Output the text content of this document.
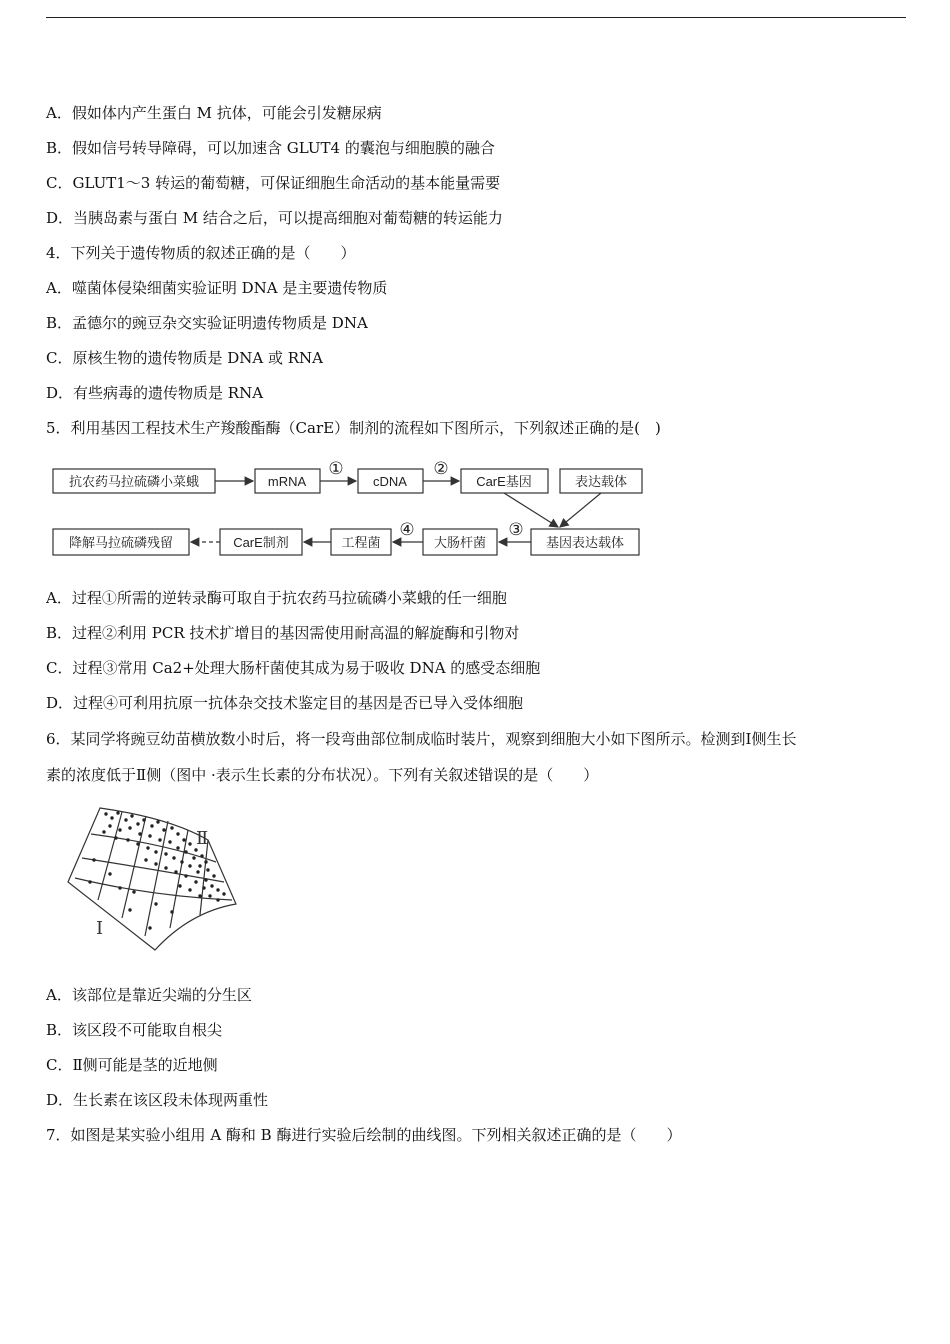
A．假如体内产生蛋白 M 抗体，可能会引发糖尿病
B．假如信号转导障碍，可以加速含 GLUT4 的囊泡与细胞膜的融合
C．GLUT1～3 转运的葡萄糖，可保证细胞生命活动的基本能量需要
D．当胰岛素与蛋白 M 结合之后，可以提高细胞对葡萄糖的转运能力
4．下列关于遗传物质的叙述正确的是（　　）
A．噬菌体侵染细菌实验证明 DNA 是主要遗传物质
B．孟德尔的豌豆杂交实验证明遗传物质是 DNA
C．原核生物的遗传物质是 DNA 或 RNA
D．有些病毒的遗传物质是 RNA
5．利用基因工程技术生产羧酸酯酶（CarE）制剂的流程如下图所示，下列叙述正确的是(　)
抗农药马拉硫磷小菜蛾	mRNA	cDNA	CarE基因	表达载体
基因表达载体
大肠杆菌
工程菌
CarE制剂
降解马拉硫磷残留
①	②
③
④
A．过程①所需的逆转录酶可取自于抗农药马拉硫磷小菜蛾的任一细胞
B．过程②利用 PCR 技术扩增目的基因需使用耐高温的解旋酶和引物对
C．过程③常用 Ca2+处理大肠杆菌使其成为易于吸收 DNA 的感受态细胞
D．过程④可利用抗原一抗体杂交技术鉴定目的基因是否已导入受体细胞
6．某同学将豌豆幼苗横放数小时后，将一段弯曲部位制成临时装片，观察到细胞大小如下图所示。检测到Ⅰ侧生长
素的浓度低于Ⅱ侧（图中 ·表示生长素的分布状况）。下列有关叙述错误的是（　　）
Ⅱ
Ⅰ
A．该部位是靠近尖端的分生区
B．该区段不可能取自根尖
C．Ⅱ侧可能是茎的近地侧
D．生长素在该区段未体现两重性
7．如图是某实验小组用 A 酶和 B 酶进行实验后绘制的曲线图。下列相关叙述正确的是（　　）
